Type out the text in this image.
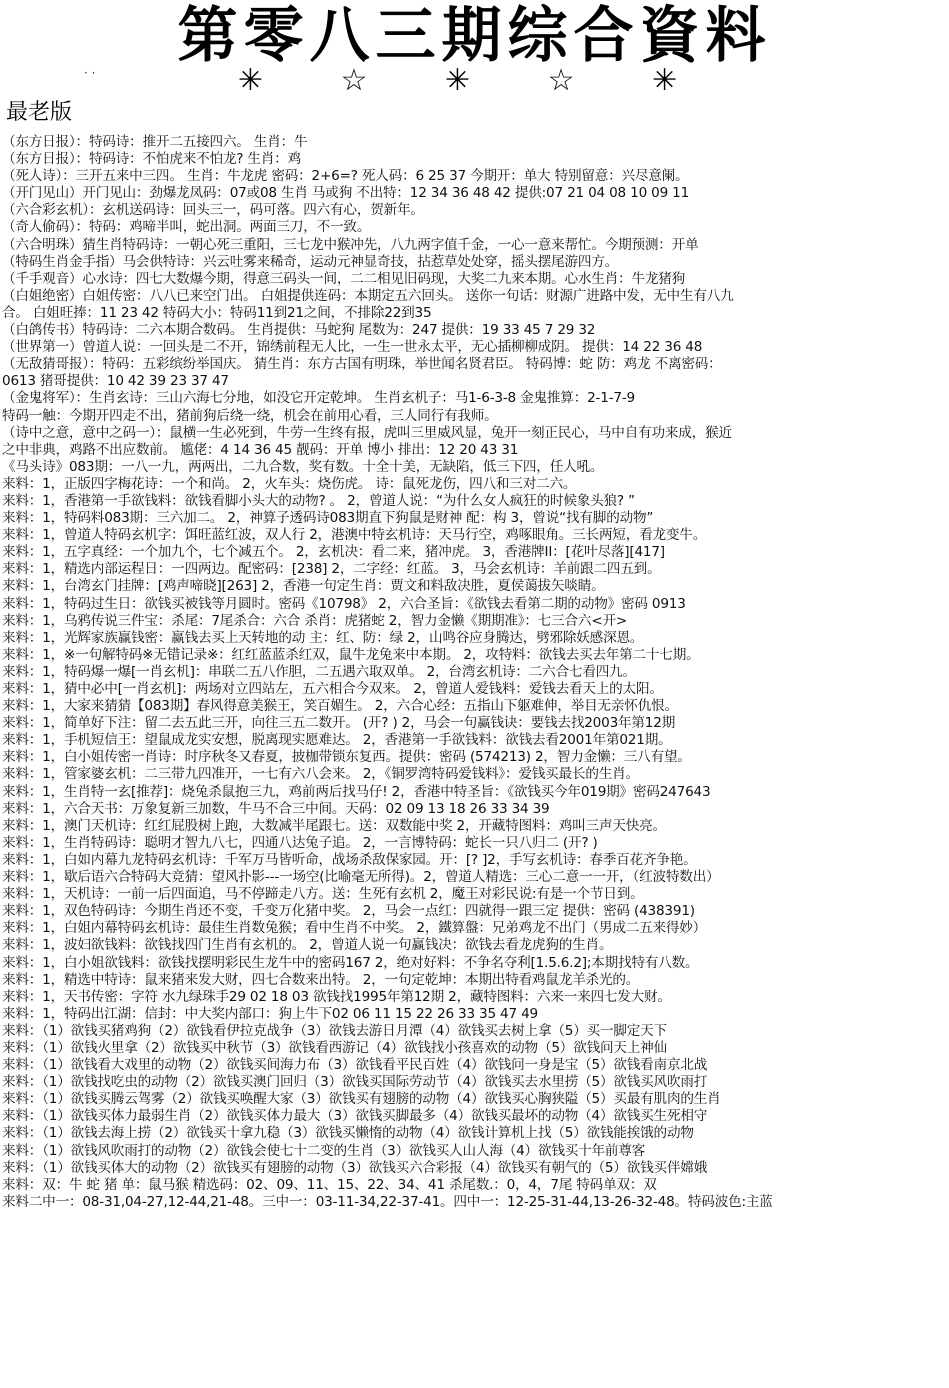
第零八三期综合資料
· ·	✳ ☆ ✳ ☆ ✳
最老版
（东方日报）：特码诗：推开二五接四六。 生肖：牛
（东方日报）：特码诗：不怕虎来不怕龙? 生肖：鸡
（死人诗）：三开五来中三四。 生肖：牛龙虎 密码：2+6=? 死人码：6 25 37 今期开：单大 特别留意：兴尽意阑。
（开门见山）开门见山：劲爆龙凤码：07或08 生肖 马或狗 不出特：12 34 36 48 42 提供:07 21 04 08 10 09 11
（六合彩玄机）：玄机送码诗：回头三一，码可落。四六有心，贺新年。
（奇人偷码）：特码：鸡啼半叫，蛇出洞。两面三刀，不一致。
（六合明珠）猜生肖特码诗：一朝心死三重阳，三七龙中猴冲先，八九两字值千金，一心一意来帮忙。今期预测：开单
（特码生肖金手指）马会供特诗：兴云吐雾来稀奇，运动元神显奇技，拈惹草处处穿，摇头摆尾游四方。
（千手观音）心水诗：四七大数爆今期，得意三码头一间，二二相见旧码现，大奖二九来本期。心水生肖：牛龙猪狗
（白姐绝密）白姐传密：八八已来空门出。 白姐提供连码：本期定五六回头。 送你一句话：财源广进路中发，无中生有八九
合。 白姐旺捧：11 23 42 特码大小：特码11到21之间，不排除22到35
（白鸽传书）特码诗：二六本期合数码。 生肖提供：马蛇狗 尾数为：247 提供：19 33 45 7 29 32
（世界第一）曾道人说：一回头是二不开，锦绣前程无人比，一生一世永太平，无心插柳柳成阴。 提供：14 22 36 48
（无敌猜哥报）：特码：五彩缤纷举国庆。 猜生肖：东方古国有明珠，举世闻名贤君臣。 特码博：蛇 防：鸡龙 不离密码：
0613 猪哥提供：10 42 39 23 37 47
（金鬼将军）：生肖玄诗：三山六海七分地，如没它开定乾坤。 生肖玄机子：马1-6-3-8 金鬼推算：2-1-7-9
特码一触：今期开四走不出，猪前狗后绕一绕，机会在前用心看，三人同行有我师。
（诗中之意，意中之码一）：鼠横一生必死到，牛劳一生终有报，虎叫三里威风显，兔开一刻正民心，马中自有功来成，猴近
之中非典，鸡路不出应数前。 尴佬：4 14 36 45 靓码：开单 博小 排出：12 20 43 31
《马头诗》083期：一八一九，两两出，二九合数，奖有数。十全十美，无缺陷，低三下四，任人吼。
来料：1，正版四字梅花诗：一个和尚。 2，火车头：烧伤虎。 诗：鼠死龙伤，四八和三对二六。
来料：1，香港第一手欲钱料：欲钱看脚小头大的动物? 。 2，曾道人说：“为什么女人疯狂的时候象头狼? ”
来料：1，特码料083期：三六加二。 2，神算子透码诗083期直下狗鼠是财神 配：构 3，曾说“找有脚的动物”
来料：1，曾道人特码玄机字：饵旺蓝红波，双人行 2，港澳中特玄机诗：天马行空，鸡啄眼角。三长两短，看龙变牛。
来料：1，五字真经：一个加九个，七个减五个。 2，玄机决：看二来，猪冲虎。 3，香港牌II：[花叶尽落][417]
来料：1，精选内部运程日：一四两边。配密码：[238] 2，二字经：红蓝。 3，马会玄机诗：羊前跟二四五到。
来料：1，台湾玄门挂牌：[鸡声啼晓][263] 2，香港一句定生肖：贾文和料敌决胜，夏侯蔼拔矢啖睛。
来料：1，特码过生日：欲钱买被钱等月圆时。密码《10798》 2，六合圣旨：《欲钱去看第二期的动物》密码 0913
来料：1，乌鸦传说三件宝：杀尾：7尾杀合：六合 杀肖：虎猪蛇 2，智力金懒《期期准》：七三合六<开>
来料：1，光辉家族赢钱密：赢钱去买上天转地的动 主：红、防：绿 2，山鸣谷应身腾达，劈邪除妖感深恩。
来料：1，※一句解特码※无错记录※：红红蓝蓝杀红双，鼠牛龙兔来中本期。 2，攻特料：欲钱去买去年第二十七期。
来料：1，特码爆一爆[一肖玄机]：串联二五八作胆，二五遇六取双单。 2，台湾玄机诗：二六合七看四九。
来料：1，猜中必中[一肖玄机]：两场对立四站左，五六相合今双来。 2，曾道人爱钱料：爱钱去看天上的太阳。
来料：1，大家来猜猜【083期】春风得意美猴王，笑百媚生。 2，六合心经：五指山下躯难伸，举目无亲怀仇恨。
来料：1，简单好下注：留二去五此三开，向往三五二数开。 (开? ) 2，马会一句赢钱诀：要钱去找2003年第12期
来料：1，手机短信王：望鼠成龙实安想，脱离现实愿难达。 2，香港第一手欲钱料：欲钱去看2001年第021期。
来料：1，白小姐传密一肖诗：时序秋冬又春夏，披枷带锁东复西。提供：密码 (574213) 2，智力金懒：三八有望。
来料：1，管家婆玄机：二三带九四准开，一七有六八会来。 2，《铜罗湾特码爱钱料》：爱钱买最长的生肖。
来料：1，生肖特一玄[推荐]：烧兔杀鼠抱三九，鸡前两后找马仔! 2，香港中特圣旨：《欲钱买今年019期》密码247643
来料：1，六合天书：万象复新三加数，牛马不合三中间。天码：02 09 13 18 26 33 34 39
来料：1，澳门天机诗：红红屁股树上跑，大数减半尾跟七。送：双数能中奖 2，开藏特图料：鸡叫三声天快亮。
来料：1，生肖特码诗：聪明才智九八七，四通八达兔子追。 2，一言博特码：蛇长一只八归二 (开? )
来料：1，白如内幕九龙特码玄机诗：千军万马皆听命，战场杀敌保家园。开：[? ]2，手写玄机诗：春季百花齐争艳。
来料：1，歇后语六合特码大竞猜：望风扑影---一场空(比喻毫无所得)。2，曾道人精选：三心二意一一开，（红波特数出）
来料：1，天机诗：一前一后四面追，马不停蹄走八方。送：生死有玄机 2，魔王对彩民说:有是一个节日到。
来料：1，双色特码诗：今期生肖还不变，千变万化猪中奖。 2，马会一点红：四就得一跟三定 提供：密码 (438391)
来料：1，白姐内幕特码玄机诗：最佳生肖数兔猴；看中生肖不中奖。 2，鐵算盤：兄弟鸡龙不出门（男成二五来得妙）
来料：1，波妇欲钱料：欲钱找四门生肖有玄机的。 2，曾道人说一句赢钱决：欲钱去看龙虎狗的生肖。
来料：1，白小姐欲钱料：欲钱找摆明彩民生龙牛中的密码167 2，绝对好料：不争名夺利[1.5.6.2];本期找特有八数。
来料：1，精选中特诗：鼠来猪来发大财，四七合数来出特。 2，一句定乾坤：本期出特看鸡鼠龙羊杀光的。
来料：1，天书传密：字符 水九绿珠手29 02 18 03 欲钱找1995年第12期 2，藏特图料：六来一来四七发大财。
来料：1，特码出江湖：信封：中大奖内部口：狗上牛下02 06 11 15 22 26 33 35 47 49
来料：（1）欲钱买猪鸡狗（2）欲钱看伊拉克战争（3）欲钱去游日月潭（4）欲钱买去树上拿（5）买一脚定天下
来料：（1）欲钱火里拿（2）欲钱买中秋节（3）欲钱看西游记（4）欲钱找小孩喜欢的动物（5）欲钱问天上神仙
来料：（1）欲钱看大戏里的动物（2）欲钱买间海力布（3）欲钱看平民百姓（4）欲钱问一身是宝（5）欲钱看南京北战
来料：（1）欲钱找吃虫的动物（2）欲钱买澳门回归（3）欲钱买国际劳动节（4）欲钱买去水里捞（5）欲钱买风吹雨打
来料：（1）欲钱买腾云驾雾（2）欲钱买唤醒大家（3）欲钱买有翅膀的动物（4）欲钱买心胸狭隘（5）买最有肌肉的生肖
来料：（1）欲钱买体力最弱生肖（2）欲钱买体力最大（3）欲钱买脚最多（4）欲钱买最坏的动物（4）欲钱买生死相守
来料：（1）欲钱去海上捞（2）欲钱买十拿九稳（3）欲钱买懒惰的动物（4）欲钱计算机上找（5）欲钱能挨饿的动物
来料：（1）欲钱风吹雨打的动物（2）欲钱会使七十二变的生肖（3）欲钱买人山人海（4）欲钱买十年前尊客
来料：（1）欲钱买体大的动物（2）欲钱买有翅膀的动物（3）欲钱买六合彩报（4）欲钱买有朝气的（5）欲钱买伴嫦娥
来料：双：牛 蛇 猪 单：鼠马猴 精选码：02、09、11、15、22、34、41 杀尾数.：0，4，7尾 特码单双：双
来料二中一：08-31,04-27,12-44,21-48。三中一：03-11-34,22-37-41。四中一：12-25-31-44,13-26-32-48。特码波色:主蓝
